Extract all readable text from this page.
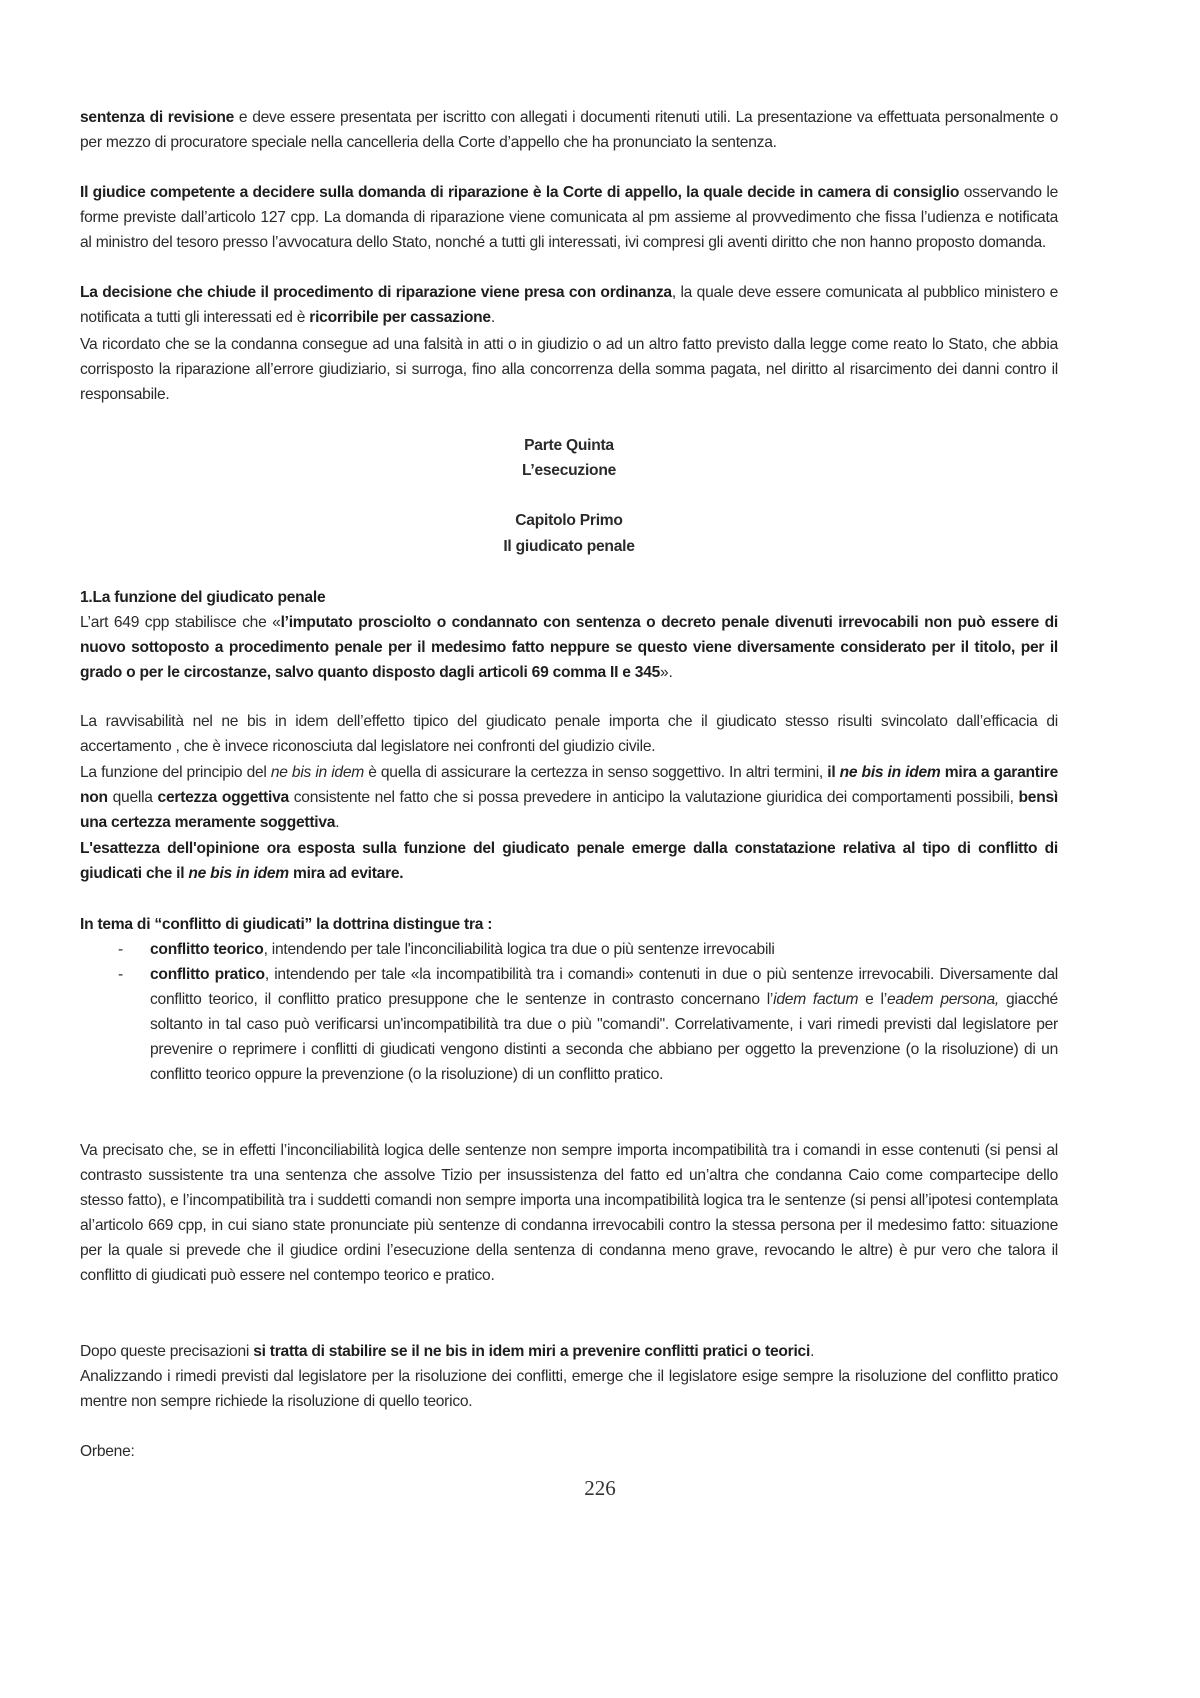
sentenza di revisione e deve essere presentata per iscritto con allegati i documenti ritenuti utili. La presentazione va effettuata personalmente o per mezzo di procuratore speciale nella cancelleria della Corte d’appello che ha pronunciato la sentenza.
Il giudice competente a decidere sulla domanda di riparazione è la Corte di appello, la quale decide in camera di consiglio osservando le forme previste dall’articolo 127 cpp. La domanda di riparazione viene comunicata al pm assieme al provvedimento che fissa l’udienza e notificata al ministro del tesoro presso l’avvocatura dello Stato, nonché a tutti gli interessati, ivi compresi gli aventi diritto che non hanno proposto domanda.
La decisione che chiude il procedimento di riparazione viene presa con ordinanza, la quale deve essere comunicata al pubblico ministero e notificata a tutti gli interessati ed è ricorribile per cassazione.
Va ricordato che se la condanna consegue ad una falsità in atti o in giudizio o ad un altro fatto previsto dalla legge come reato lo Stato, che abbia corrisposto la riparazione all’errore giudiziario, si surroga, fino alla concorrenza della somma pagata, nel diritto al risarcimento dei danni contro il responsabile.
Parte Quinta
L’esecuzione
Capitolo Primo
Il giudicato penale
1.La funzione del giudicato penale
L’art 649 cpp stabilisce che «l’imputato prosciolto o condannato con sentenza o decreto penale divenuti irrevocabili non può essere di nuovo sottoposto a procedimento penale per il medesimo fatto neppure se questo viene diversamente considerato per il titolo, per il grado o per le circostanze, salvo quanto disposto dagli articoli 69 comma II e 345».
La ravvisabilità nel ne bis in idem dell’effetto tipico del giudicato penale importa che il giudicato stesso risulti svincolato dall’efficacia di accertamento , che è invece riconosciuta dal legislatore nei confronti del giudizio civile.
La funzione del principio del ne bis in idem è quella di assicurare la certezza in senso soggettivo. In altri termini, il ne bis in idem mira a garantire non quella certezza oggettiva consistente nel fatto che si possa prevedere in anticipo la valutazione giuridica dei comportamenti possibili, bensì una certezza meramente soggettiva.
L'esattezza dell'opinione ora esposta sulla funzione del giudicato penale emerge dalla constatazione relativa al tipo di conflitto di giudicati che il ne bis in idem mira ad evitare.
In tema di “conflitto di giudicati” la dottrina distingue tra :
Va precisato che, se in effetti l’inconciliabilità logica delle sentenze non sempre importa incompatibilità tra i comandi in esse contenuti (si pensi al contrasto sussistente tra una sentenza che assolve Tizio per insussistenza del fatto ed un’altra che condanna Caio come compartecipe dello stesso fatto), e l’incompatibilità tra i suddetti comandi non sempre importa una incompatibilità logica tra le sentenze (si pensi all’ipotesi contemplata al’articolo 669 cpp, in cui siano state pronunciate più sentenze di condanna irrevocabili contro la stessa persona per il medesimo fatto: situazione per la quale si prevede che il giudice ordini l’esecuzione della sentenza di condanna meno grave, revocando le altre) è pur vero che talora il conflitto di giudicati può essere nel contempo teorico e pratico.
Dopo queste precisazioni si tratta di stabilire se il ne bis in idem miri a prevenire conflitti pratici o teorici.
Analizzando i rimedi previsti dal legislatore per la risoluzione dei conflitti, emerge che il legislatore esige sempre la risoluzione del conflitto pratico mentre non sempre richiede la risoluzione di quello teorico.
Orbene:
- conflitto teorico, intendendo per tale l'inconciliabilità logica tra due o più sentenze irrevocabili
- conflitto pratico, intendendo per tale «la incompatibilità tra i comandi» contenuti in due o più sentenze irrevocabili. Diversamente dal conflitto teorico, il conflitto pratico presuppone che le sentenze in contrasto concernano l’idem factum e l’eadem persona, giacché soltanto in tal caso può verificarsi un'incompatibilità tra due o più "comandi". Correlativamente, i vari rimedi previsti dal legislatore per prevenire o reprimere i conflitti di giudicati vengono distinti a seconda che abbiano per oggetto la prevenzione (o la risoluzione) di un conflitto teorico oppure la prevenzione (o la risoluzione) di un conflitto pratico.
226
